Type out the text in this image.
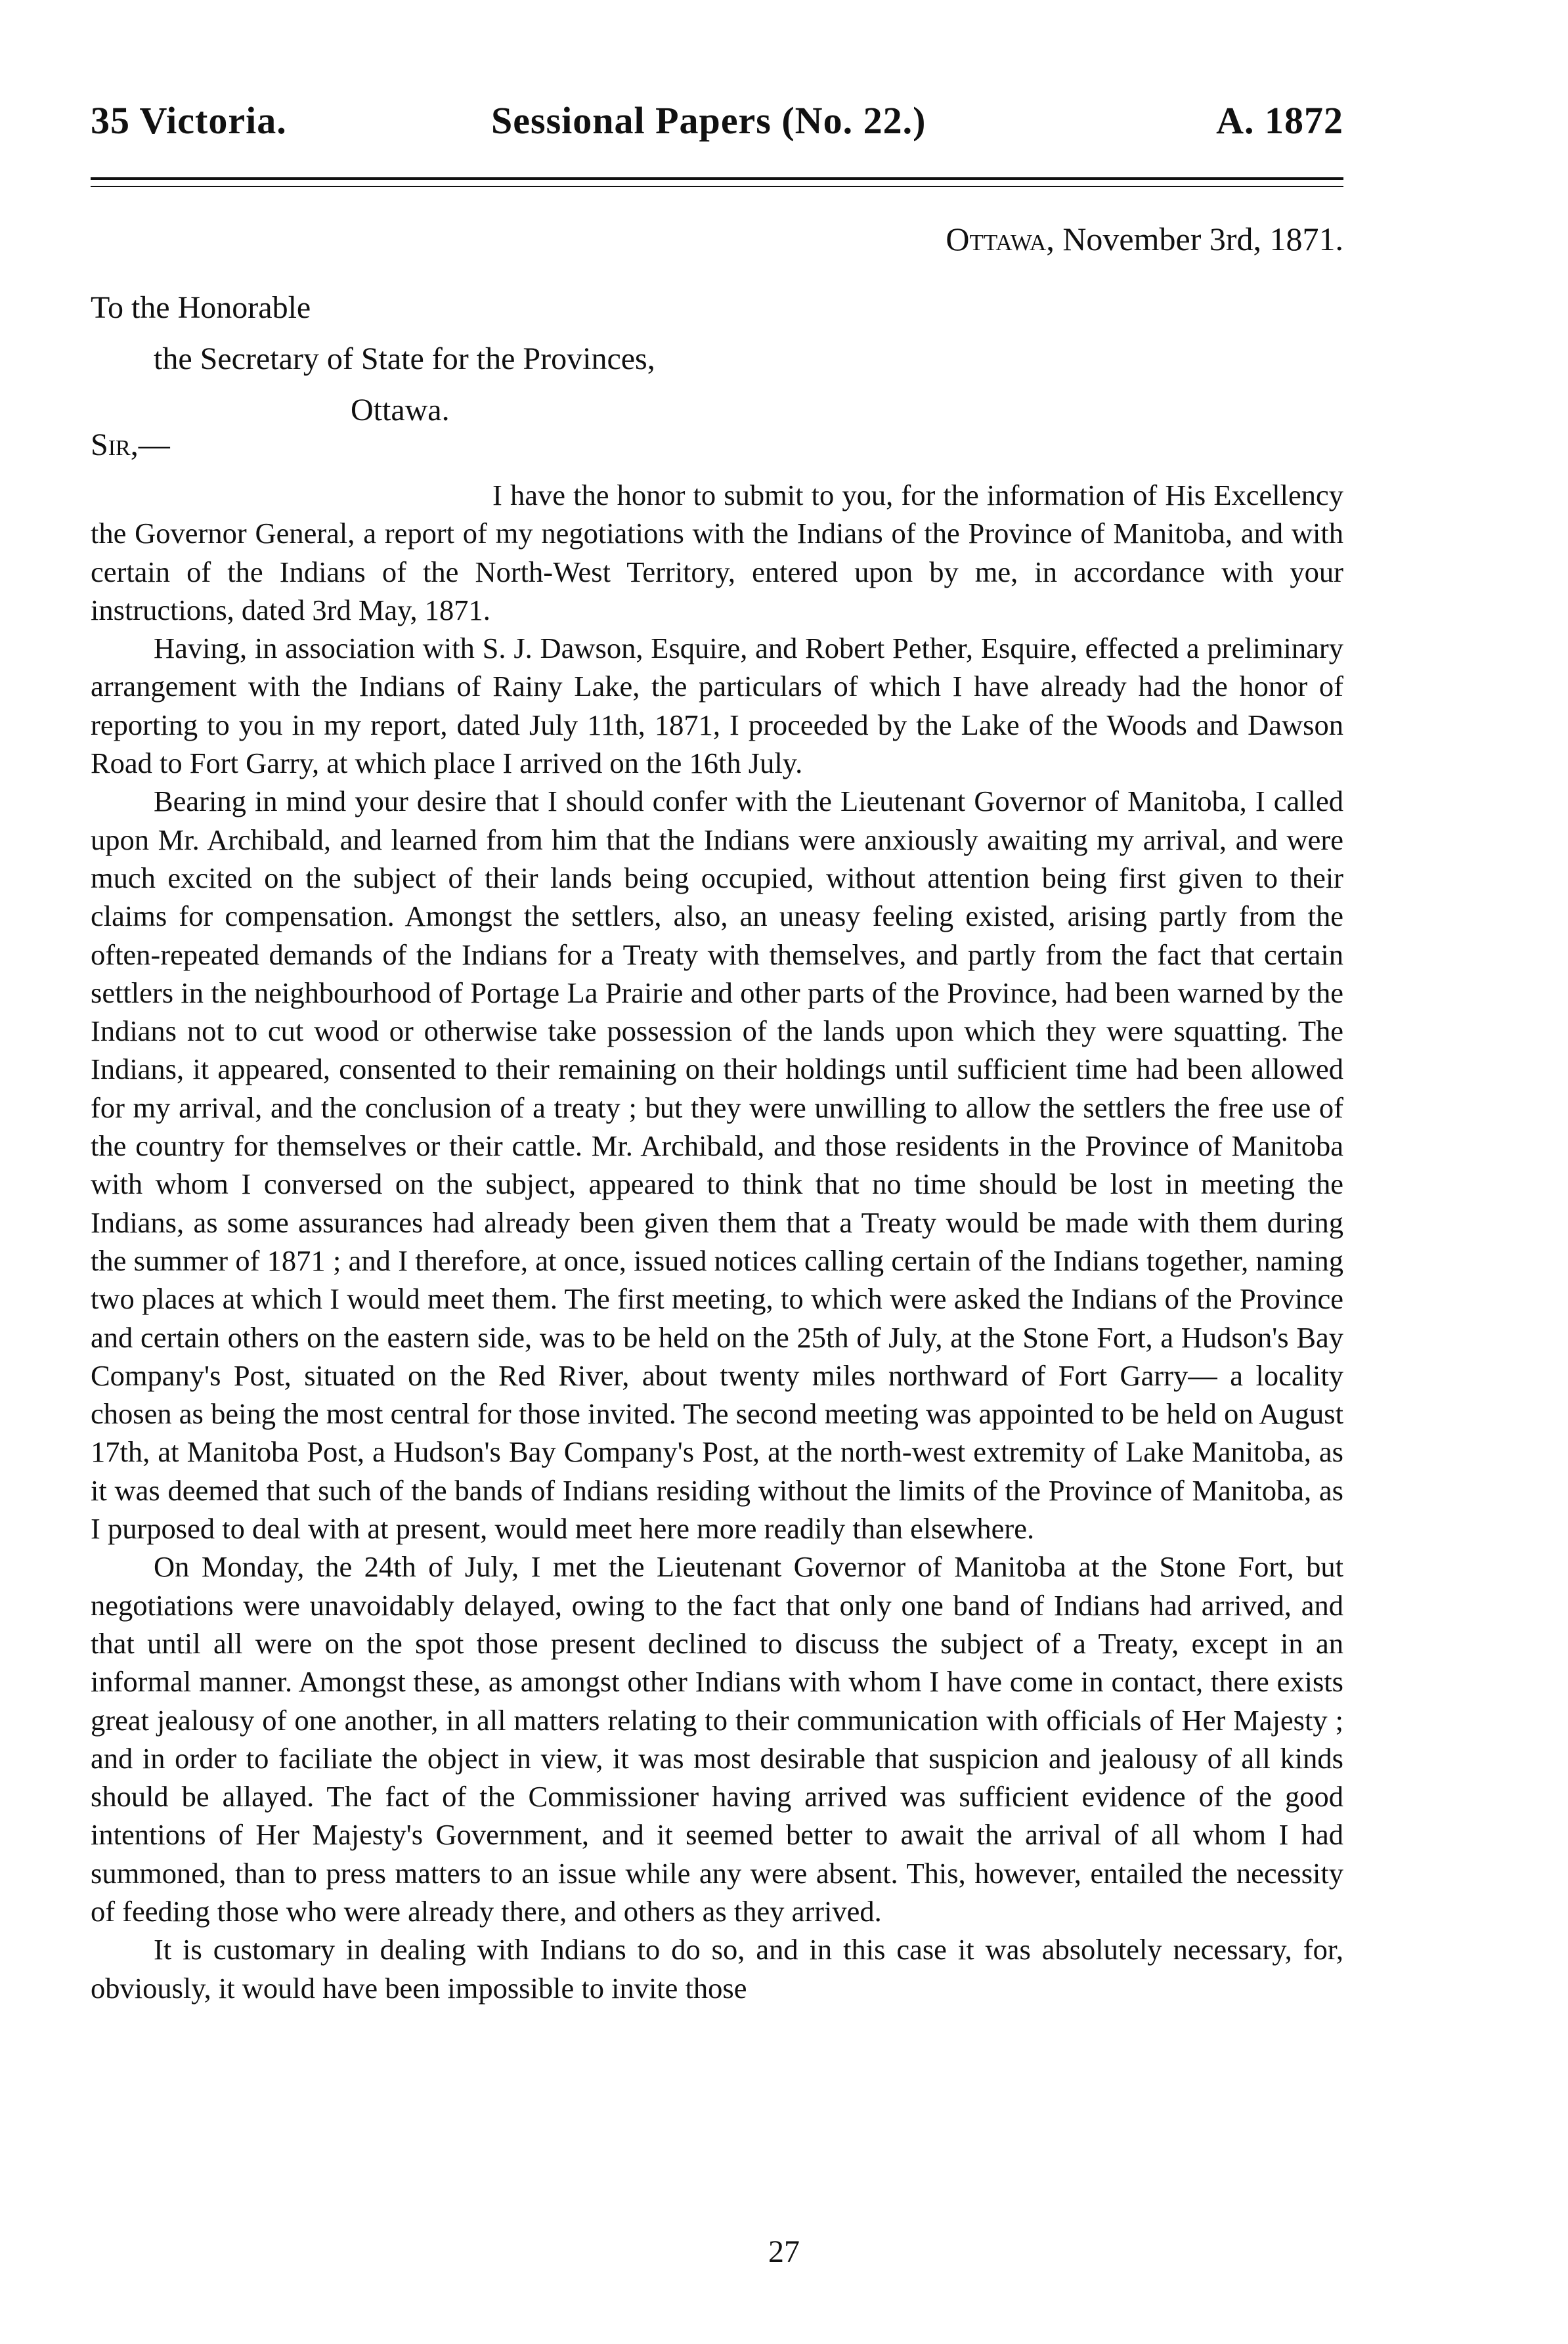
35 Victoria.	Sessional Papers (No. 22.)	A. 1872
Ottawa, November 3rd, 1871.
To the Honorable
the Secretary of State for the Provinces,
Ottawa.
Sir,—

I have the honor to submit to you, for the information of His Excellency the Governor General, a report of my negotiations with the Indians of the Province of Manitoba, and with certain of the Indians of the North-West Territory, entered upon by me, in accordance with your instructions, dated 3rd May, 1871.

Having, in association with S. J. Dawson, Esquire, and Robert Pether, Esquire, effected a preliminary arrangement with the Indians of Rainy Lake, the particulars of which I have already had the honor of reporting to you in my report, dated July 11th, 1871, I proceeded by the Lake of the Woods and Dawson Road to Fort Garry, at which place I arrived on the 16th July.

Bearing in mind your desire that I should confer with the Lieutenant Governor of Manitoba, I called upon Mr. Archibald, and learned from him that the Indians were anxiously awaiting my arrival, and were much excited on the subject of their lands being occupied, without attention being first given to their claims for compensation. Amongst the settlers, also, an uneasy feeling existed, arising partly from the often-repeated demands of the Indians for a Treaty with themselves, and partly from the fact that certain settlers in the neighbourhood of Portage La Prairie and other parts of the Province, had been warned by the Indians not to cut wood or otherwise take possession of the lands upon which they were squatting. The Indians, it appeared, consented to their remaining on their holdings until sufficient time had been allowed for my arrival, and the conclusion of a treaty ; but they were unwilling to allow the settlers the free use of the country for themselves or their cattle. Mr. Archibald, and those residents in the Province of Manitoba with whom I conversed on the subject, appeared to think that no time should be lost in meeting the Indians, as some assurances had already been given them that a Treaty would be made with them during the summer of 1871 ; and I therefore, at once, issued notices calling certain of the Indians together, naming two places at which I would meet them. The first meeting, to which were asked the Indians of the Province and certain others on the eastern side, was to be held on the 25th of July, at the Stone Fort, a Hudson's Bay Company's Post, situated on the Red River, about twenty miles northward of Fort Garry— a locality chosen as being the most central for those invited. The second meeting was appointed to be held on August 17th, at Manitoba Post, a Hudson's Bay Company's Post, at the north-west extremity of Lake Manitoba, as it was deemed that such of the bands of Indians residing without the limits of the Province of Manitoba, as I purposed to deal with at present, would meet here more readily than elsewhere.

On Monday, the 24th of July, I met the Lieutenant Governor of Manitoba at the Stone Fort, but negotiations were unavoidably delayed, owing to the fact that only one band of Indians had arrived, and that until all were on the spot those present declined to discuss the subject of a Treaty, except in an informal manner. Amongst these, as amongst other Indians with whom I have come in contact, there exists great jealousy of one another, in all matters relating to their communication with officials of Her Majesty ; and in order to faciliate the object in view, it was most desirable that suspicion and jealousy of all kinds should be allayed. The fact of the Commissioner having arrived was sufficient evidence of the good intentions of Her Majesty's Government, and it seemed better to await the arrival of all whom I had summoned, than to press matters to an issue while any were absent. This, however, entailed the necessity of feeding those who were already there, and others as they arrived.

It is customary in dealing with Indians to do so, and in this case it was absolutely necessary, for, obviously, it would have been impossible to invite those

27
